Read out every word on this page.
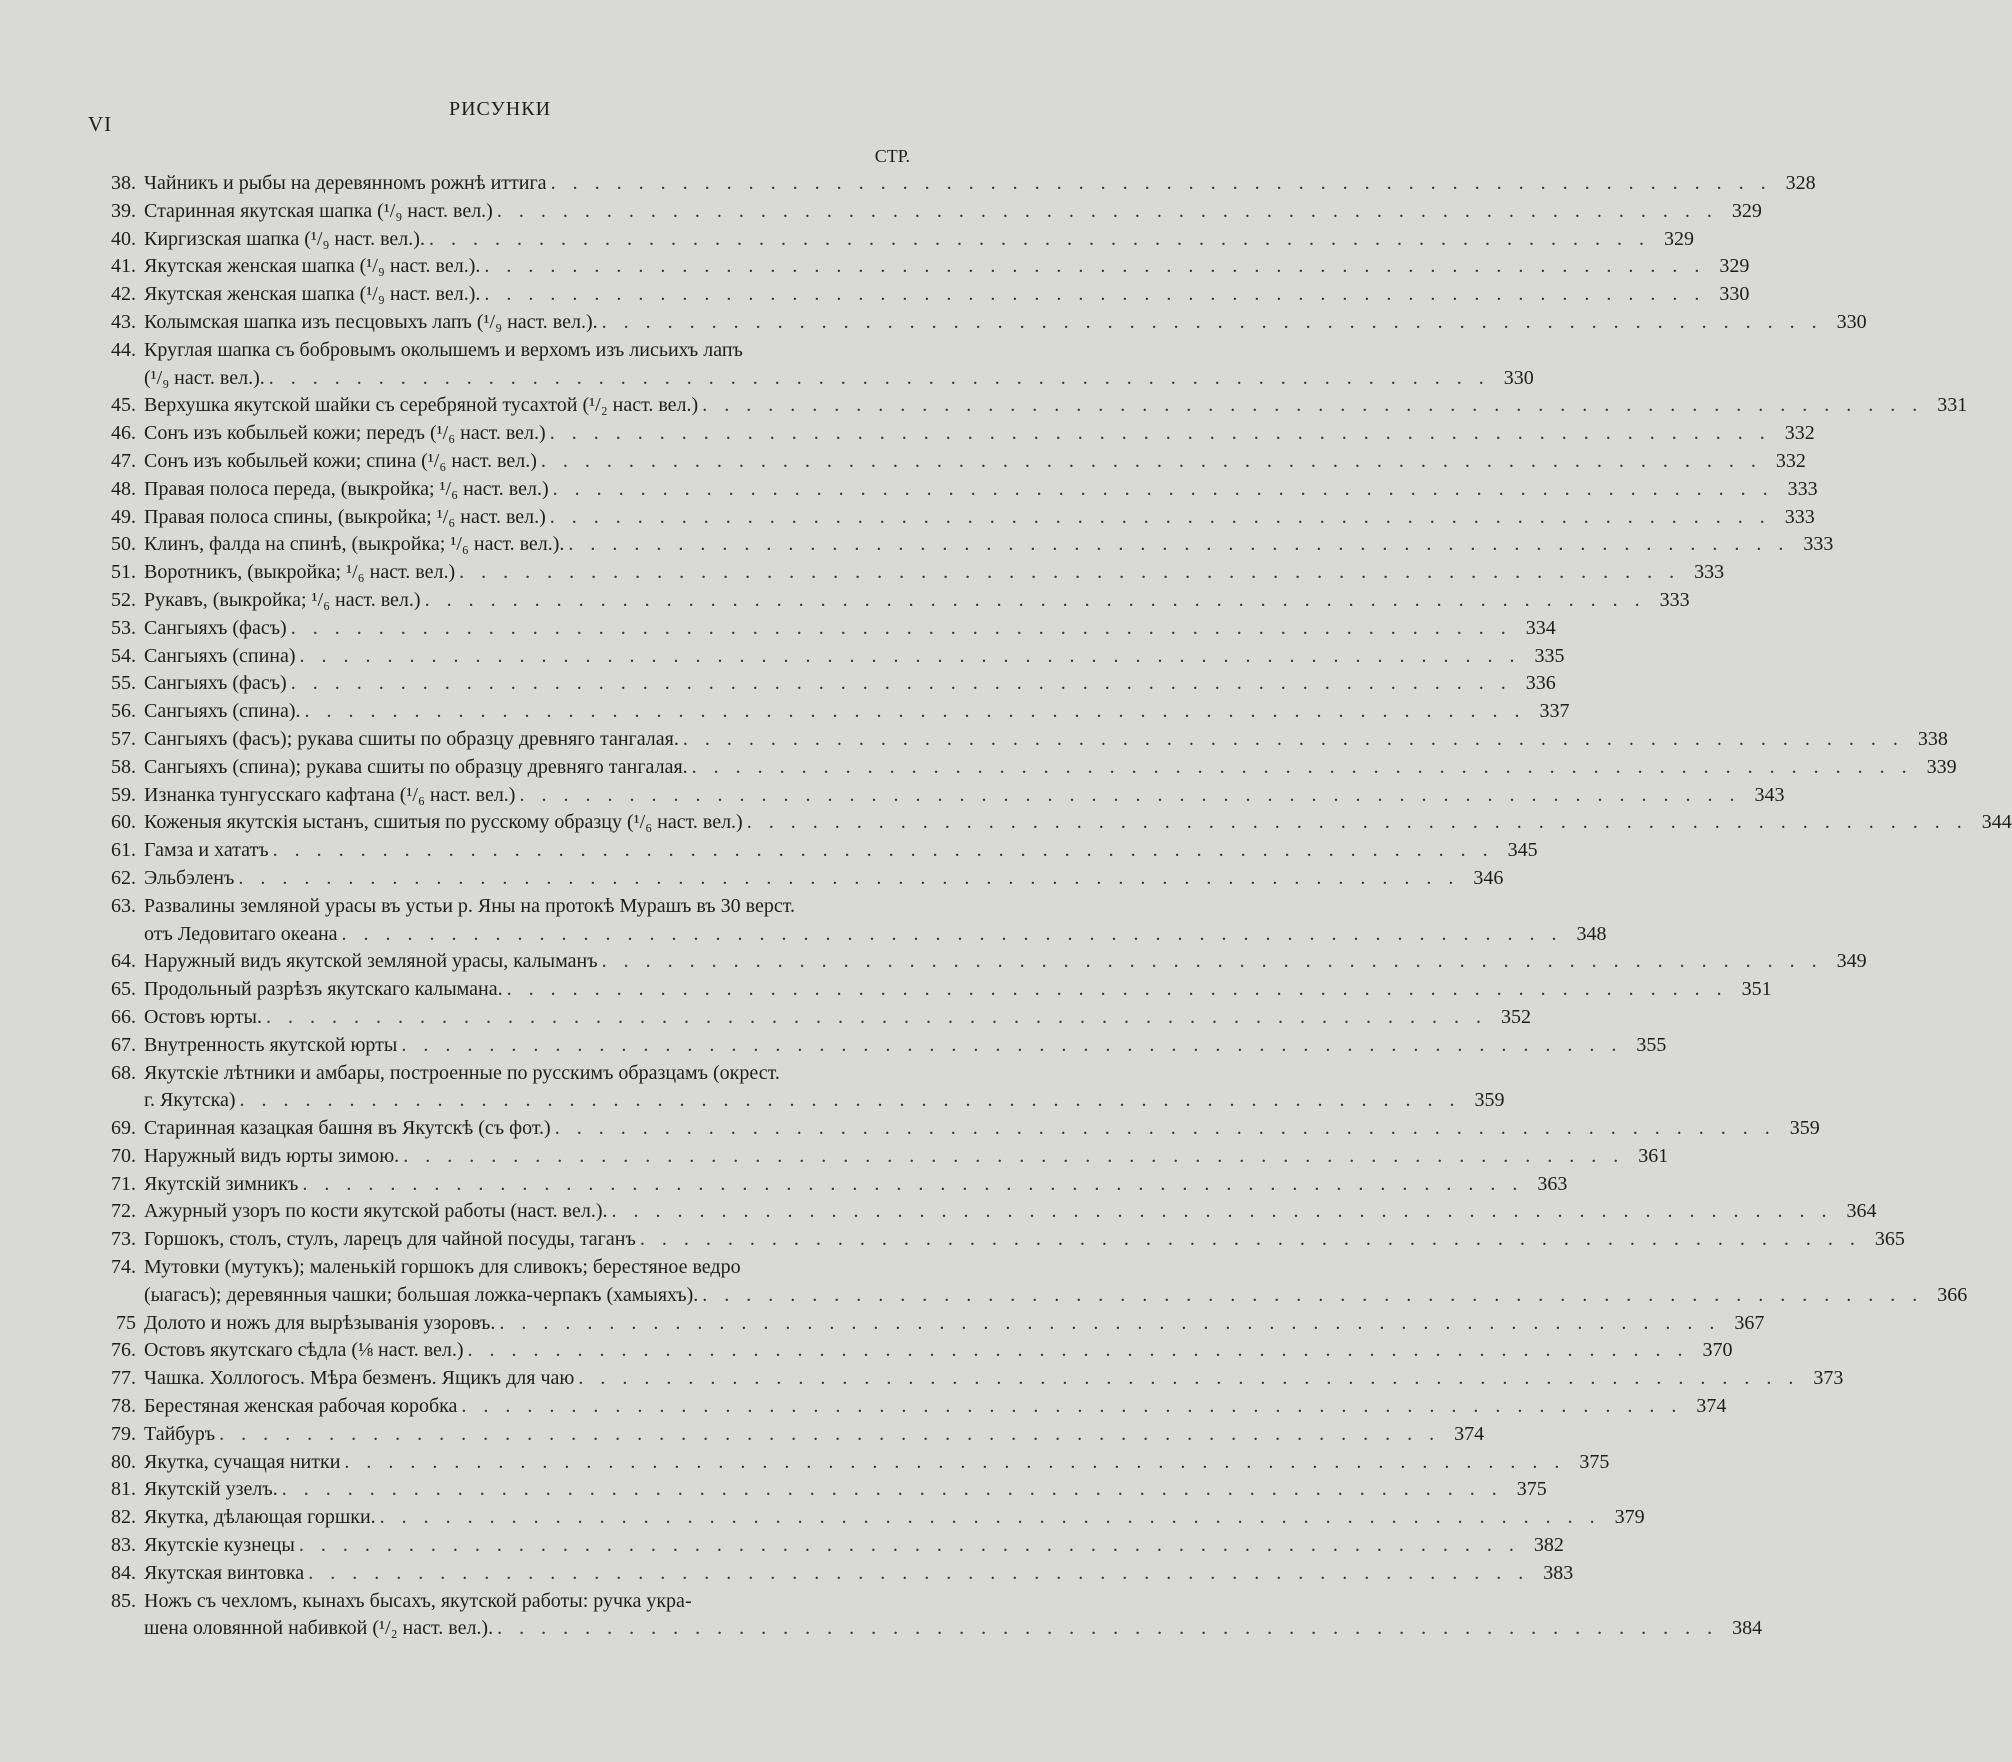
VI
РИСУНКИ
СТР.
38. Чайникъ и рыбы на деревянномъ рожнѣ иттига . . . . . . . . . . . . . . . . . . . . . . . . . . . . . . . . . . . . . . . . . . . . . . . . . . . . . . . . 328
39. Старинная якутская шапка (¹/₉ наст. вел.) . . . . . . . . . . . . . . . . . . . . . . . . . . . . . . . . . . . . . . . . . . . . . . . . . . . . . . . . 329
40. Киргизская шапка (¹/₉ наст. вел.). . . . . . . . . . . . . . . . . . . . . . . . . . . . . . . . . . . . . . . . . . . . . . . . . . . . . . . . . 329
41. Якутская женская шапка (¹/₉ наст. вел.). . . . . . . . . . . . . . . . . . . . . . . . . . . . . . . . . . . . . . . . . . . . . . . . . . . . . . . . . 329
42. Якутская женская шапка (¹/₉ наст. вел.). . . . . . . . . . . . . . . . . . . . . . . . . . . . . . . . . . . . . . . . . . . . . . . . . . . . . . . . . 330
43. Колымская шапка изъ песцовыхъ лапъ (¹/₉ наст. вел.). . . . . . . . . . . . . . . . . . . . . . . . . . . . . . . . . . . . . . . . . . . . . . . . . . . . . . . . . 330
44. Круглая шапка съ бобровымъ околышемъ и верхомъ изъ лисьихъ лапъ
(¹/₉ наст. вел.). . . . . . . . . . . . . . . . . . . . . . . . . . . . . . . . . . . . . . . . . . . . . . . . . . . . . . . . . 330
45. Верхушка якутской шайки съ серебряной тусахтой (¹/₂ наст. вел.) . . . . . . . . . . . . . . . . . . . . . . . . . . . . . . . . . . . . . . . . . . . . . . . . . . . . . . . . 331
46. Сонъ изъ кобыльей кожи; передъ (¹/₆ наст. вел.) . . . . . . . . . . . . . . . . . . . . . . . . . . . . . . . . . . . . . . . . . . . . . . . . . . . . . . . . 332
47. Сонъ изъ кобыльей кожи; спина (¹/₆ наст. вел.) . . . . . . . . . . . . . . . . . . . . . . . . . . . . . . . . . . . . . . . . . . . . . . . . . . . . . . . . 332
48. Правая полоса переда, (выкройка; ¹/₆ наст. вел.) . . . . . . . . . . . . . . . . . . . . . . . . . . . . . . . . . . . . . . . . . . . . . . . . . . . . . . . . 333
49. Правая полоса спины, (выкройка; ¹/₆ наст. вел.) . . . . . . . . . . . . . . . . . . . . . . . . . . . . . . . . . . . . . . . . . . . . . . . . . . . . . . . . 333
50. Клинъ, фалда на спинѣ, (выкройка; ¹/₆ наст. вел.). . . . . . . . . . . . . . . . . . . . . . . . . . . . . . . . . . . . . . . . . . . . . . . . . . . . . . . . . 333
51. Воротникъ, (выкройка; ¹/₆ наст. вел.) . . . . . . . . . . . . . . . . . . . . . . . . . . . . . . . . . . . . . . . . . . . . . . . . . . . . . . . . 333
52. Рукавъ, (выкройка; ¹/₆ наст. вел.) . . . . . . . . . . . . . . . . . . . . . . . . . . . . . . . . . . . . . . . . . . . . . . . . . . . . . . . . 333
53. Сангыяхъ (фасъ) . . . . . . . . . . . . . . . . . . . . . . . . . . . . . . . . . . . . . . . . . . . . . . . . . . . . . . . . 334
54. Сангыяхъ (спина) . . . . . . . . . . . . . . . . . . . . . . . . . . . . . . . . . . . . . . . . . . . . . . . . . . . . . . . . 335
55. Сангыяхъ (фасъ) . . . . . . . . . . . . . . . . . . . . . . . . . . . . . . . . . . . . . . . . . . . . . . . . . . . . . . . . 336
56. Сангыяхъ (спина). . . . . . . . . . . . . . . . . . . . . . . . . . . . . . . . . . . . . . . . . . . . . . . . . . . . . . . . . 337
57. Сангыяхъ (фасъ); рукава сшиты по образцу древняго тангалая. . . . . . . . . . . . . . . . . . . . . . . . . . . . . . . . . . . . . . . . . . . . . . . . . . . . . . . . . 338
58. Сангыяхъ (спина); рукава сшиты по образцу древняго тангалая. . . . . . . . . . . . . . . . . . . . . . . . . . . . . . . . . . . . . . . . . . . . . . . . . . . . . . . . . 339
59. Изнанка тунгусскаго кафтана (¹/₆ наст. вел.) . . . . . . . . . . . . . . . . . . . . . . . . . . . . . . . . . . . . . . . . . . . . . . . . . . . . . . . . 343
60. Коженыя якутскія ыстанъ, сшитыя по русскому образцу (¹/₆ наст. вел.) . . . . . . . . . . . . . . . . . . . . . . . . . . . . . . . . . . . . . . . . . . . . . . . . . . . . . . . . 344
61. Гамза и хататъ . . . . . . . . . . . . . . . . . . . . . . . . . . . . . . . . . . . . . . . . . . . . . . . . . . . . . . . . 345
62. Эльбэленъ . . . . . . . . . . . . . . . . . . . . . . . . . . . . . . . . . . . . . . . . . . . . . . . . . . . . . . . . 346
63. Развалины земляной урасы въ устьи р. Яны на протокѣ Мурашъ въ 30 верст.
отъ Ледовитаго океана . . . . . . . . . . . . . . . . . . . . . . . . . . . . . . . . . . . . . . . . . . . . . . . . . . . . . . . . 348
64. Наружный видъ якутской земляной урасы, калыманъ . . . . . . . . . . . . . . . . . . . . . . . . . . . . . . . . . . . . . . . . . . . . . . . . . . . . . . . . 349
65. Продольный разрѣзъ якутскаго калымана. . . . . . . . . . . . . . . . . . . . . . . . . . . . . . . . . . . . . . . . . . . . . . . . . . . . . . . . . 351
66. Остовъ юрты. . . . . . . . . . . . . . . . . . . . . . . . . . . . . . . . . . . . . . . . . . . . . . . . . . . . . . . . . 352
67. Внутренность якутской юрты . . . . . . . . . . . . . . . . . . . . . . . . . . . . . . . . . . . . . . . . . . . . . . . . . . . . . . . . 355
68. Якутскіе лѣтники и амбары, построенные по русскимъ образцамъ (окрест.
г. Якутска) . . . . . . . . . . . . . . . . . . . . . . . . . . . . . . . . . . . . . . . . . . . . . . . . . . . . . . . . 359
69. Старинная казацкая башня въ Якутскѣ (съ фот.) . . . . . . . . . . . . . . . . . . . . . . . . . . . . . . . . . . . . . . . . . . . . . . . . . . . . . . . . 359
70. Наружный видъ юрты зимою. . . . . . . . . . . . . . . . . . . . . . . . . . . . . . . . . . . . . . . . . . . . . . . . . . . . . . . . . 361
71. Якутскій зимникъ . . . . . . . . . . . . . . . . . . . . . . . . . . . . . . . . . . . . . . . . . . . . . . . . . . . . . . . . 363
72. Ажурный узоръ по кости якутской работы (наст. вел.). . . . . . . . . . . . . . . . . . . . . . . . . . . . . . . . . . . . . . . . . . . . . . . . . . . . . . . . . 364
73. Горшокъ, столъ, стулъ, ларецъ для чайной посуды, таганъ . . . . . . . . . . . . . . . . . . . . . . . . . . . . . . . . . . . . . . . . . . . . . . . . . . . . . . . . 365
74. Мутовки (мутукъ); маленькій горшокъ для сливокъ; берестяное ведро
(ыагасъ); деревянныя чашки; большая ложка-черпакъ (хамыяхъ). . . . . . . . . . . . . . . . . . . . . . . . . . . . . . . . . . . . . . . . . . . . . . . . . . . . . . . . . 366
75 Долото и ножъ для вырѣзыванія узоровъ. . . . . . . . . . . . . . . . . . . . . . . . . . . . . . . . . . . . . . . . . . . . . . . . . . . . . . . . . 367
76. Остовъ якутскаго сѣдла (⅛ наст. вел.) . . . . . . . . . . . . . . . . . . . . . . . . . . . . . . . . . . . . . . . . . . . . . . . . . . . . . . . . 370
77. Чашка. Холлогосъ. Мѣра безменъ. Ящикъ для чаю . . . . . . . . . . . . . . . . . . . . . . . . . . . . . . . . . . . . . . . . . . . . . . . . . . . . . . . . 373
78. Берестяная женская рабочая коробка . . . . . . . . . . . . . . . . . . . . . . . . . . . . . . . . . . . . . . . . . . . . . . . . . . . . . . . . 374
79. Тайбуръ . . . . . . . . . . . . . . . . . . . . . . . . . . . . . . . . . . . . . . . . . . . . . . . . . . . . . . . . 374
80. Якутка, сучащая нитки . . . . . . . . . . . . . . . . . . . . . . . . . . . . . . . . . . . . . . . . . . . . . . . . . . . . . . . . 375
81. Якутскій узелъ. . . . . . . . . . . . . . . . . . . . . . . . . . . . . . . . . . . . . . . . . . . . . . . . . . . . . . . . . 375
82. Якутка, дѣлающая горшки. . . . . . . . . . . . . . . . . . . . . . . . . . . . . . . . . . . . . . . . . . . . . . . . . . . . . . . . . 379
83. Якутскіе кузнецы . . . . . . . . . . . . . . . . . . . . . . . . . . . . . . . . . . . . . . . . . . . . . . . . . . . . . . . . 382
84. Якутская винтовка . . . . . . . . . . . . . . . . . . . . . . . . . . . . . . . . . . . . . . . . . . . . . . . . . . . . . . . . 383
85. Ножъ съ чехломъ, кынахъ бысахъ, якутской работы: ручка укра-
шена оловянной набивкой (¹/₂ наст. вел.). . . . . . . . . . . . . . . . . . . . . . . . . . . . . . . . . . . . . . . . . . . . . . . . . . . . . . . . . 384
